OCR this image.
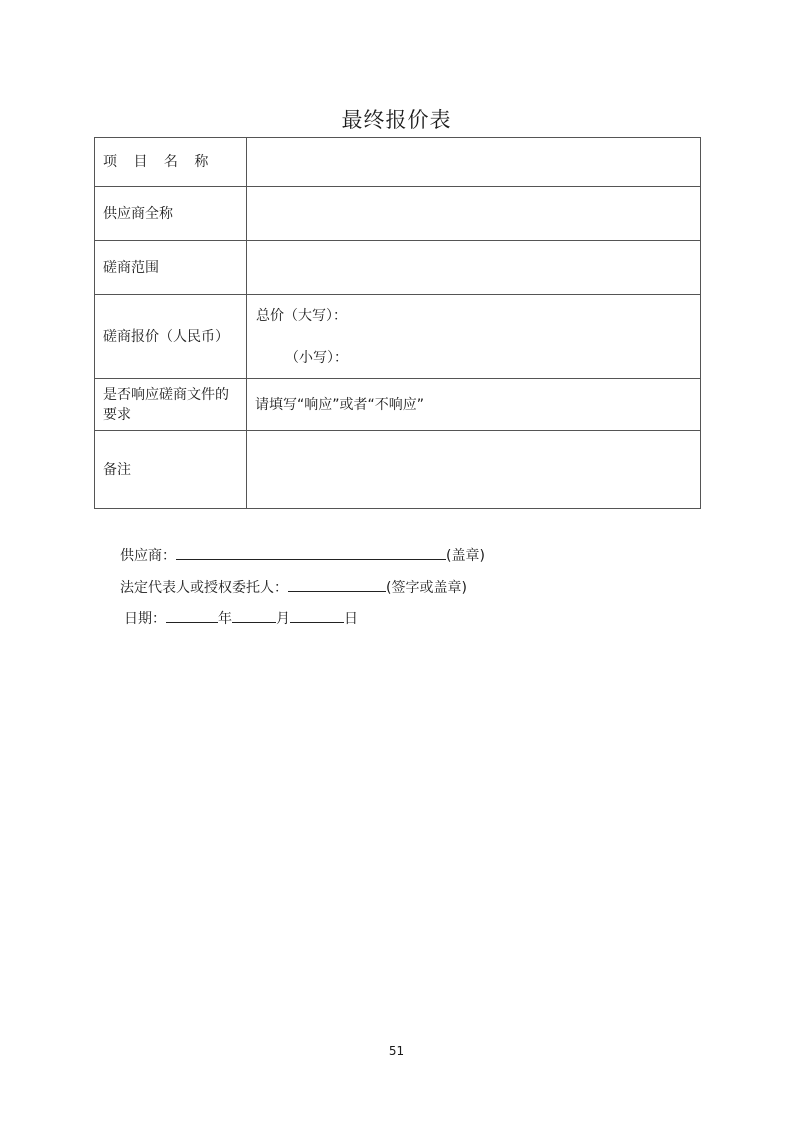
最终报价表
项 目 名 称	
供应商全称	
磋商范围	
磋商报价（人民币）	总价（大写）：
（小写）：

是否响应磋商文件的要求	请填写“响应”或者“不响应”
备注	
供应商：	(盖章)
法定代表人或授权委托人：	(签字或盖章)
日期：	年	月	日
51
